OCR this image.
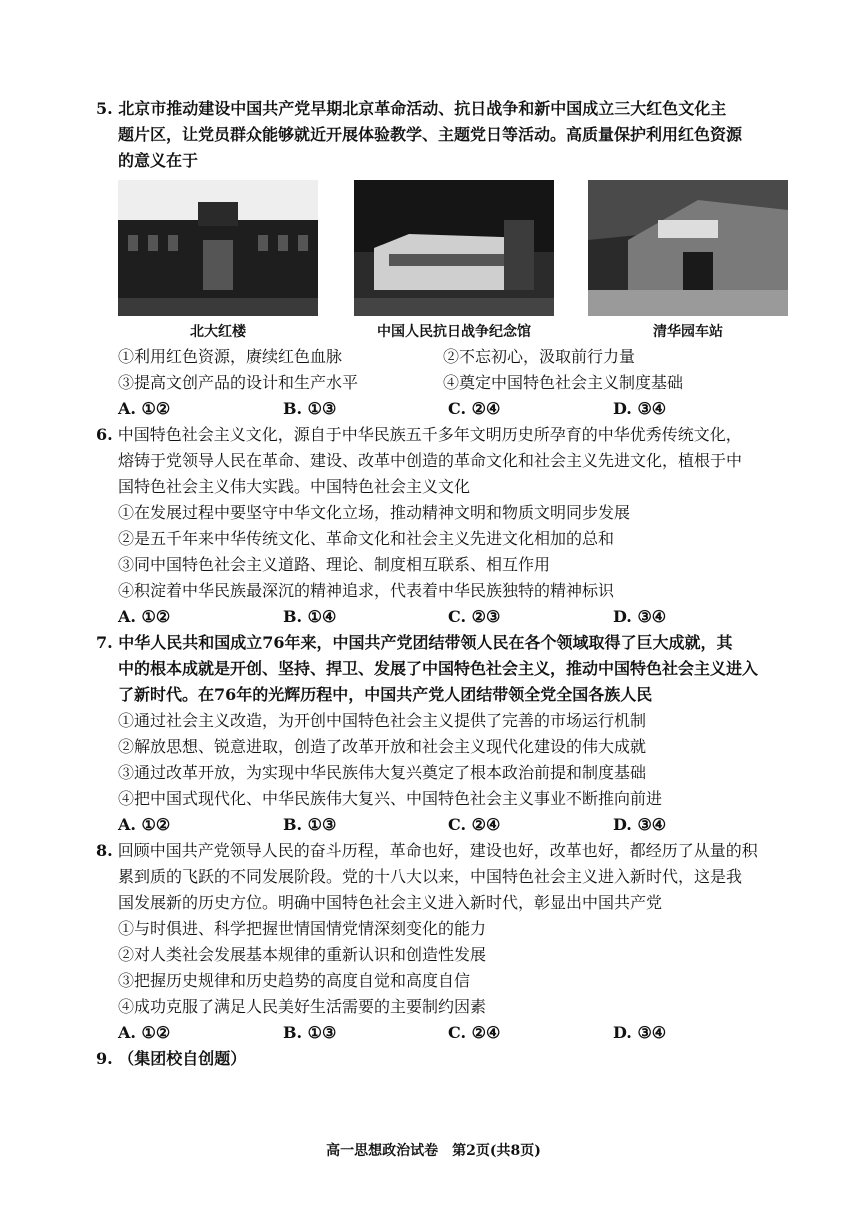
5. 北京市推动建设中国共产党早期北京革命活动、抗日战争和新中国成立三大红色文化主
题片区，让党员群众能够就近开展体验教学、主题党日等活动。高质量保护利用红色资源
的意义在于
北大红楼	中国人民抗日战争纪念馆	清华园车站
①利用红色资源，赓续红色血脉	②不忘初心，汲取前行力量
③提高文创产品的设计和生产水平	④奠定中国特色社会主义制度基础
A. ①②	B. ①③	C. ②④	D. ③④
6. 中国特色社会主义文化，源自于中华民族五千多年文明历史所孕育的中华优秀传统文化，
熔铸于党领导人民在革命、建设、改革中创造的革命文化和社会主义先进文化，植根于中
国特色社会主义伟大实践。中国特色社会主义文化
①在发展过程中要坚守中华文化立场，推动精神文明和物质文明同步发展
②是五千年来中华传统文化、革命文化和社会主义先进文化相加的总和
③同中国特色社会主义道路、理论、制度相互联系、相互作用
④积淀着中华民族最深沉的精神追求，代表着中华民族独特的精神标识
A. ①②	B. ①④	C. ②③	D. ③④
7. 中华人民共和国成立76年来，中国共产党团结带领人民在各个领域取得了巨大成就，其
中的根本成就是开创、坚持、捍卫、发展了中国特色社会主义，推动中国特色社会主义进入
了新时代。在76年的光辉历程中，中国共产党人团结带领全党全国各族人民
①通过社会主义改造，为开创中国特色社会主义提供了完善的市场运行机制
②解放思想、锐意进取，创造了改革开放和社会主义现代化建设的伟大成就
③通过改革开放，为实现中华民族伟大复兴奠定了根本政治前提和制度基础
④把中国式现代化、中华民族伟大复兴、中国特色社会主义事业不断推向前进
A. ①②	B. ①③	C. ②④	D. ③④
8. 回顾中国共产党领导人民的奋斗历程，革命也好，建设也好，改革也好，都经历了从量的积
累到质的飞跃的不同发展阶段。党的十八大以来，中国特色社会主义进入新时代，这是我
国发展新的历史方位。明确中国特色社会主义进入新时代，彰显出中国共产党
①与时俱进、科学把握世情国情党情深刻变化的能力
②对人类社会发展基本规律的重新认识和创造性发展
③把握历史规律和历史趋势的高度自觉和高度自信
④成功克服了满足人民美好生活需要的主要制约因素
A. ①②	B. ①③	C. ②④	D. ③④
9. （集团校自创题）
高一思想政治试卷　第2页(共8页)
